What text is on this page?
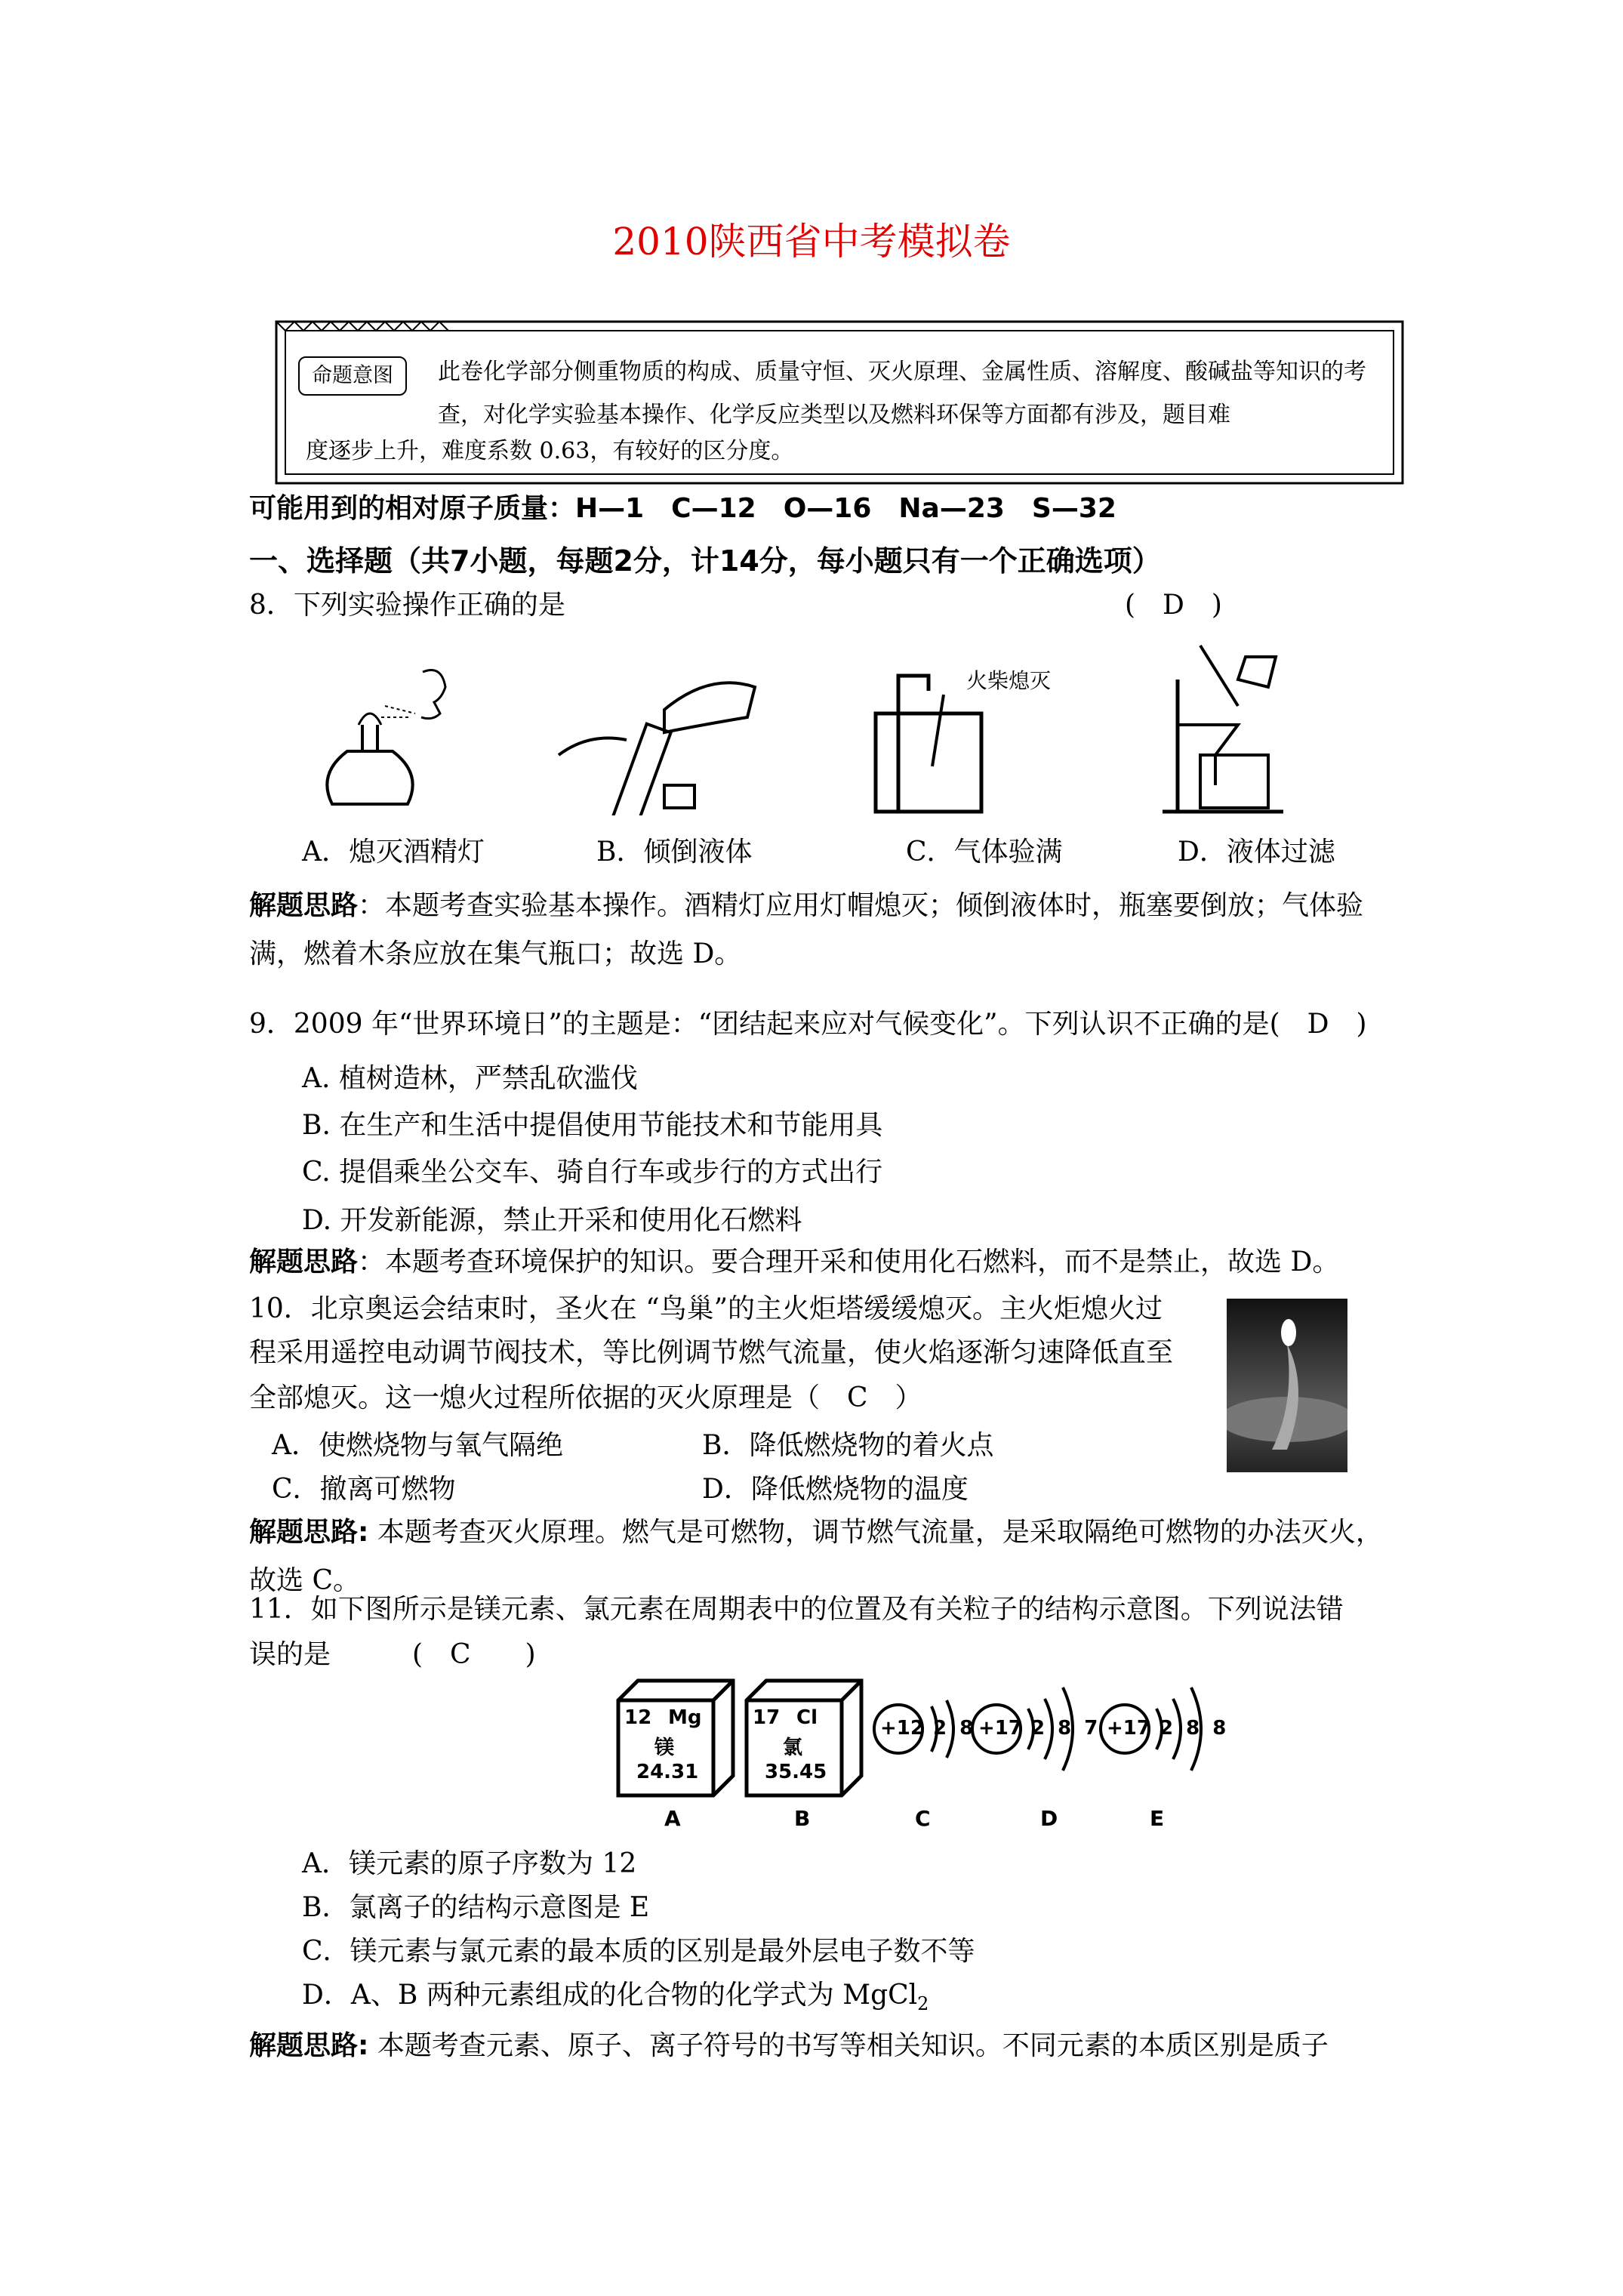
2010陕西省中考模拟卷
命题意图	此卷化学部分侧重物质的构成、质量守恒、灭火原理、金属性质、溶解度、酸碱盐等知识的考查，对化学实验基本操作、化学反应类型以及燃料环保等方面都有涉及，题目难
度逐步上升，难度系数 0.63，有较好的区分度。
可能用到的相对原子质量：H—1　C—12　O—16　Na—23　S—32
一、选择题（共7小题，每题2分，计14分，每小题只有一个正确选项）
8．下列实验操作正确的是	(　D　)
火柴熄灭
A．熄灭酒精灯	B．倾倒液体	C．气体验满	D．液体过滤
解题思路：本题考查实验基本操作。酒精灯应用灯帽熄灭；倾倒液体时，瓶塞要倒放；气体验满，燃着木条应放在集气瓶口；故选 D。
9．2009 年“世界环境日”的主题是：“团结起来应对气候变化”。下列认识不正确的是(　D　)
A. 植树造林，严禁乱砍滥伐
B. 在生产和生活中提倡使用节能技术和节能用具
C. 提倡乘坐公交车、骑自行车或步行的方式出行
D. 开发新能源，禁止开采和使用化石燃料
解题思路：本题考查环境保护的知识。要合理开采和使用化石燃料，而不是禁止，故选 D。
10．北京奥运会结束时，圣火在 “鸟巢”的主火炬塔缓缓熄灭。主火炬熄火过
程采用遥控电动调节阀技术，等比例调节燃气流量，使火焰逐渐匀速降低直至
全部熄灭。这一熄火过程所依据的灭火原理是（　C　）
A．使燃烧物与氧气隔绝	B．降低燃烧物的着火点
C．撤离可燃物	D．降低燃烧物的温度
解题思路: 本题考查灭火原理。燃气是可燃物，调节燃气流量，是采取隔绝可燃物的办法灭火，故选 C。
11．如下图所示是镁元素、氯元素在周期表中的位置及有关粒子的结构示意图。下列说法错
误的是　　　(　C　　)
12 Mg
镁
24.31
17 Cl
氯
35.45
+12 2 8 +17 2 8 7 +17 2 8 8
A	B	C	D	E
A．镁元素的原子序数为 12
B．氯离子的结构示意图是 E
C．镁元素与氯元素的最本质的区别是最外层电子数不等
D．A、B 两种元素组成的化合物的化学式为 MgCl$_2$
解题思路: 本题考查元素、原子、离子符号的书写等相关知识。不同元素的本质区别是质子
